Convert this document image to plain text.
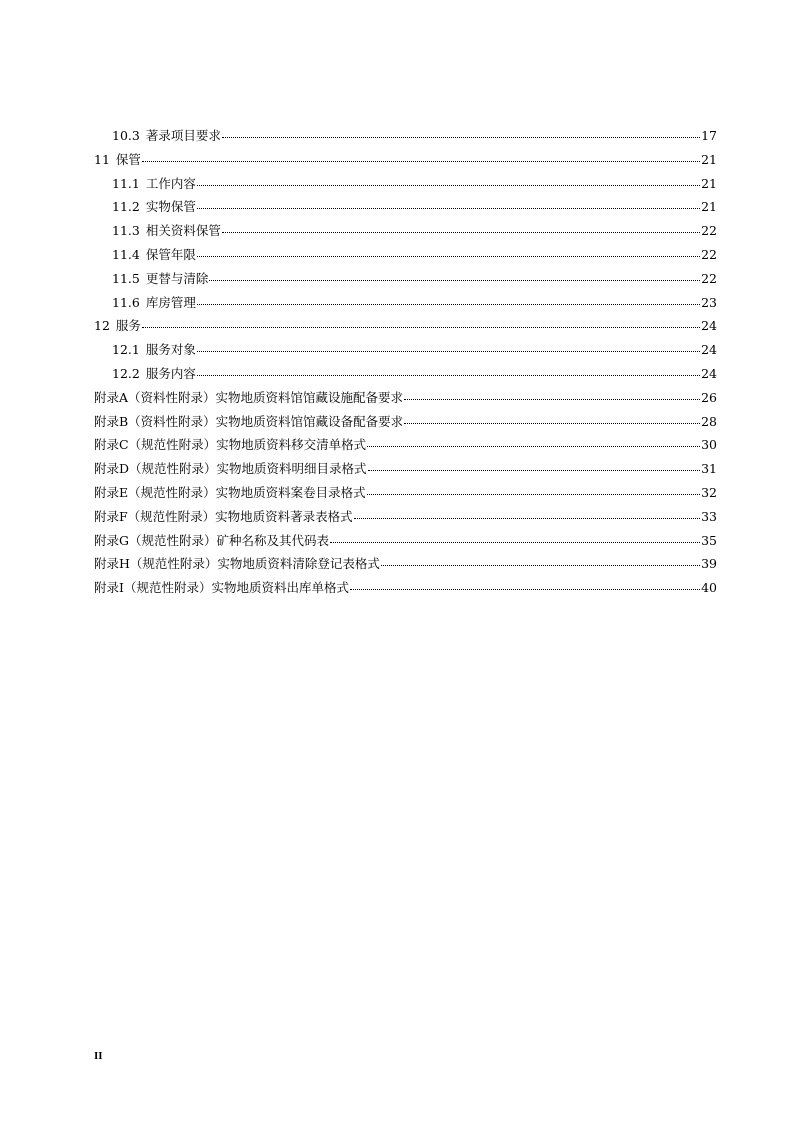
10.3 著录项目要求	17
11 保管	21
11.1 工作内容	21
11.2 实物保管	21
11.3 相关资料保管	22
11.4 保管年限	22
11.5 更替与清除	22
11.6 库房管理	23
12 服务	24
12.1 服务对象	24
12.2 服务内容	24
附录A（资料性附录）实物地质资料馆馆藏设施配备要求	26
附录B（资料性附录）实物地质资料馆馆藏设备配备要求	28
附录C（规范性附录）实物地质资料移交清单格式	30
附录D（规范性附录）实物地质资料明细目录格式	31
附录E（规范性附录）实物地质资料案卷目录格式	32
附录F（规范性附录）实物地质资料著录表格式	33
附录G（规范性附录）矿种名称及其代码表	35
附录H（规范性附录）实物地质资料清除登记表格式	39
附录I（规范性附录）实物地质资料出库单格式	40
II
